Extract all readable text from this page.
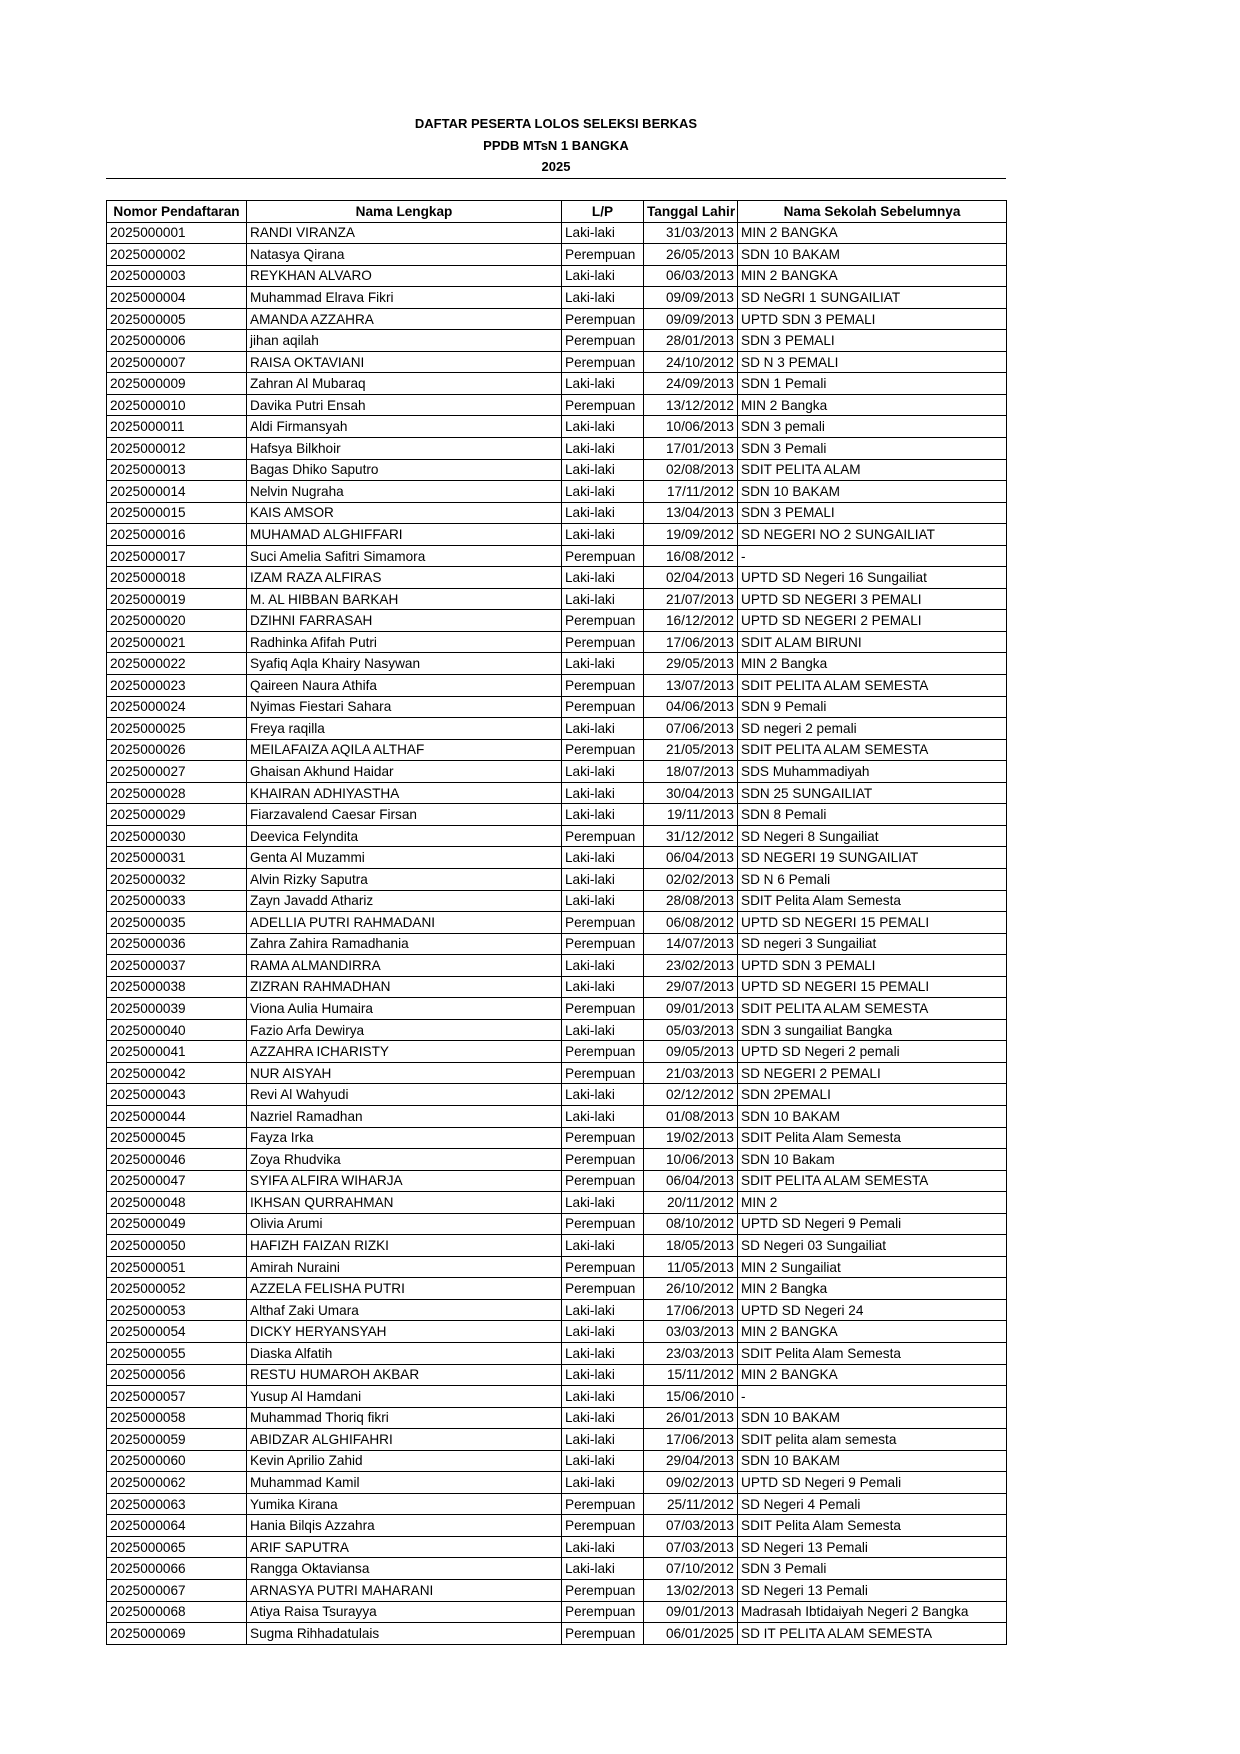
DAFTAR PESERTA LOLOS SELEKSI BERKAS
PPDB MTsN 1 BANGKA
2025
Nomor Pendaftaran	Nama Lengkap	L/P	Tanggal Lahir	Nama Sekolah Sebelumnya
2025000001	RANDI VIRANZA	Laki-laki	31/03/2013	MIN 2 BANGKA
2025000002	Natasya Qirana	Perempuan	26/05/2013	SDN 10 BAKAM
2025000003	REYKHAN ALVARO	Laki-laki	06/03/2013	MIN 2 BANGKA
2025000004	Muhammad Elrava Fikri	Laki-laki	09/09/2013	SD NeGRI 1 SUNGAILIAT
2025000005	AMANDA AZZAHRA	Perempuan	09/09/2013	UPTD SDN 3 PEMALI
2025000006	jihan aqilah	Perempuan	28/01/2013	SDN 3 PEMALI
2025000007	RAISA OKTAVIANI	Perempuan	24/10/2012	SD N 3 PEMALI
2025000009	Zahran Al Mubaraq	Laki-laki	24/09/2013	SDN 1 Pemali
2025000010	Davika Putri Ensah	Perempuan	13/12/2012	MIN 2 Bangka
2025000011	Aldi Firmansyah	Laki-laki	10/06/2013	SDN 3 pemali
2025000012	Hafsya Bilkhoir	Laki-laki	17/01/2013	SDN 3 Pemali
2025000013	Bagas Dhiko Saputro	Laki-laki	02/08/2013	SDIT PELITA ALAM
2025000014	Nelvin Nugraha	Laki-laki	17/11/2012	SDN 10 BAKAM
2025000015	KAIS AMSOR	Laki-laki	13/04/2013	SDN 3 PEMALI
2025000016	MUHAMAD ALGHIFFARI	Laki-laki	19/09/2012	SD NEGERI NO 2 SUNGAILIAT
2025000017	Suci Amelia Safitri Simamora	Perempuan	16/08/2012	-
2025000018	IZAM RAZA ALFIRAS	Laki-laki	02/04/2013	UPTD SD Negeri 16 Sungailiat
2025000019	M. AL HIBBAN BARKAH	Laki-laki	21/07/2013	UPTD SD NEGERI 3 PEMALI
2025000020	DZIHNI FARRASAH	Perempuan	16/12/2012	UPTD SD NEGERI 2 PEMALI
2025000021	Radhinka Afifah Putri	Perempuan	17/06/2013	SDIT ALAM BIRUNI
2025000022	Syafiq Aqla Khairy Nasywan	Laki-laki	29/05/2013	MIN 2 Bangka
2025000023	Qaireen Naura Athifa	Perempuan	13/07/2013	SDIT PELITA ALAM SEMESTA
2025000024	Nyimas Fiestari Sahara	Perempuan	04/06/2013	SDN 9 Pemali
2025000025	Freya raqilla	Laki-laki	07/06/2013	SD negeri 2 pemali
2025000026	MEILAFAIZA AQILA ALTHAF	Perempuan	21/05/2013	SDIT PELITA ALAM SEMESTA
2025000027	Ghaisan Akhund Haidar	Laki-laki	18/07/2013	SDS Muhammadiyah
2025000028	KHAIRAN ADHIYASTHA	Laki-laki	30/04/2013	SDN 25 SUNGAILIAT
2025000029	Fiarzavalend Caesar Firsan	Laki-laki	19/11/2013	SDN 8 Pemali
2025000030	Deevica Felyndita	Perempuan	31/12/2012	SD Negeri 8 Sungailiat
2025000031	Genta Al Muzammi	Laki-laki	06/04/2013	SD NEGERI 19 SUNGAILIAT
2025000032	Alvin Rizky Saputra	Laki-laki	02/02/2013	SD N 6 Pemali
2025000033	Zayn Javadd Athariz	Laki-laki	28/08/2013	SDIT Pelita Alam Semesta
2025000035	ADELLIA PUTRI RAHMADANI	Perempuan	06/08/2012	UPTD SD NEGERI 15 PEMALI
2025000036	Zahra Zahira Ramadhania	Perempuan	14/07/2013	SD negeri 3 Sungailiat
2025000037	RAMA ALMANDIRRA	Laki-laki	23/02/2013	UPTD SDN 3 PEMALI
2025000038	ZIZRAN RAHMADHAN	Laki-laki	29/07/2013	UPTD SD NEGERI 15 PEMALI
2025000039	Viona Aulia Humaira	Perempuan	09/01/2013	SDIT PELITA ALAM SEMESTA
2025000040	Fazio Arfa Dewirya	Laki-laki	05/03/2013	SDN 3 sungailiat Bangka
2025000041	AZZAHRA ICHARISTY	Perempuan	09/05/2013	UPTD SD Negeri 2 pemali
2025000042	NUR AISYAH	Perempuan	21/03/2013	SD NEGERI 2 PEMALI
2025000043	Revi Al Wahyudi	Laki-laki	02/12/2012	SDN 2PEMALI
2025000044	Nazriel Ramadhan	Laki-laki	01/08/2013	SDN 10 BAKAM
2025000045	Fayza Irka	Perempuan	19/02/2013	SDIT Pelita Alam Semesta
2025000046	Zoya Rhudvika	Perempuan	10/06/2013	SDN 10 Bakam
2025000047	SYIFA ALFIRA WIHARJA	Perempuan	06/04/2013	SDIT PELITA ALAM SEMESTA
2025000048	IKHSAN QURRAHMAN	Laki-laki	20/11/2012	MIN 2
2025000049	Olivia Arumi	Perempuan	08/10/2012	UPTD SD Negeri 9 Pemali
2025000050	HAFIZH FAIZAN RIZKI	Laki-laki	18/05/2013	SD Negeri 03 Sungailiat
2025000051	Amirah Nuraini	Perempuan	11/05/2013	MIN 2 Sungailiat
2025000052	AZZELA FELISHA PUTRI	Perempuan	26/10/2012	MIN 2 Bangka
2025000053	Althaf Zaki Umara	Laki-laki	17/06/2013	UPTD SD Negeri 24
2025000054	DICKY HERYANSYAH	Laki-laki	03/03/2013	MIN 2 BANGKA
2025000055	Diaska Alfatih	Laki-laki	23/03/2013	SDIT Pelita Alam Semesta
2025000056	RESTU HUMAROH AKBAR	Laki-laki	15/11/2012	MIN 2 BANGKA
2025000057	Yusup Al Hamdani	Laki-laki	15/06/2010	-
2025000058	Muhammad Thoriq fikri	Laki-laki	26/01/2013	SDN 10 BAKAM
2025000059	ABIDZAR ALGHIFAHRI	Laki-laki	17/06/2013	SDIT pelita alam semesta
2025000060	Kevin Aprilio Zahid	Laki-laki	29/04/2013	SDN 10 BAKAM
2025000062	Muhammad Kamil	Laki-laki	09/02/2013	UPTD SD Negeri 9 Pemali
2025000063	Yumika Kirana	Perempuan	25/11/2012	SD Negeri 4 Pemali
2025000064	Hania Bilqis Azzahra	Perempuan	07/03/2013	SDIT Pelita Alam Semesta
2025000065	ARIF SAPUTRA	Laki-laki	07/03/2013	SD Negeri 13 Pemali
2025000066	Rangga Oktaviansa	Laki-laki	07/10/2012	SDN 3 Pemali
2025000067	ARNASYA PUTRI MAHARANI	Perempuan	13/02/2013	SD Negeri 13 Pemali
2025000068	Atiya Raisa Tsurayya	Perempuan	09/01/2013	Madrasah Ibtidaiyah Negeri 2 Bangka
2025000069	Sugma Rihhadatulais	Perempuan	06/01/2025	SD IT PELITA ALAM SEMESTA
